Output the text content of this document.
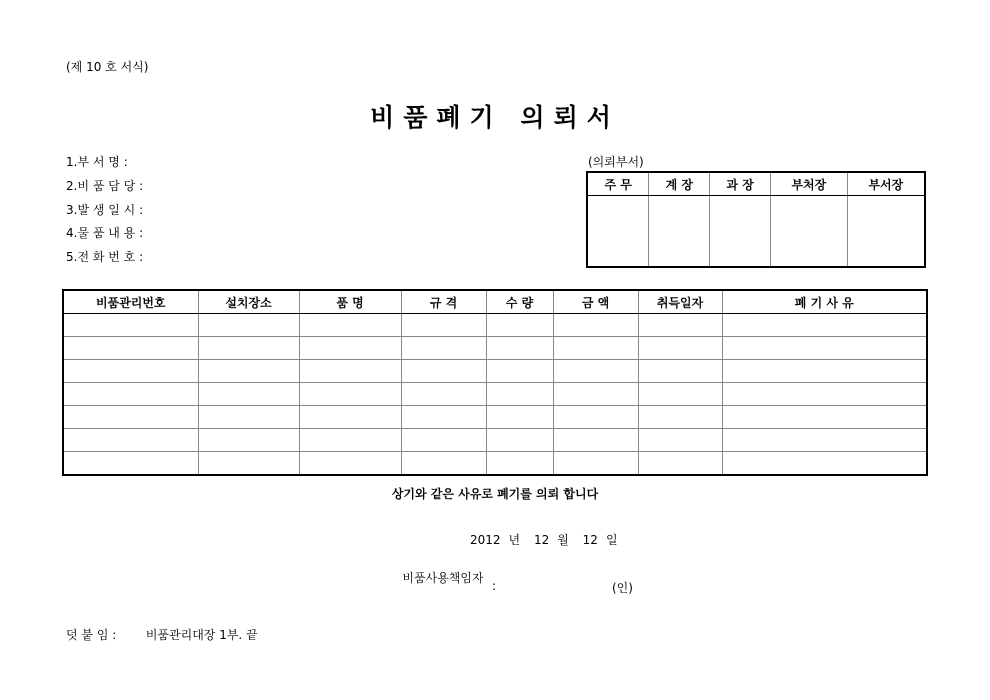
(제 10 호 서식)
비품폐기 의뢰서
1.부 서 명 :
2.비 품 담 당 :
3.발 생 일 시 :
4.물 품 내 용 :
5.전 화 번 호 :
(의뢰부서)
주 무	계 장	과 장	부처장	부서장

비품관리번호	설치장소	품 명	규 격	수 량	금 액	취득일자	폐 기 사 유

상기와 같은 사유로 폐기를 의뢰 합니다
2012 년 12 월 12 일
비품사용책임자
:	(인)
덧 붙 임 : 비품관리대장 1부. 끝
